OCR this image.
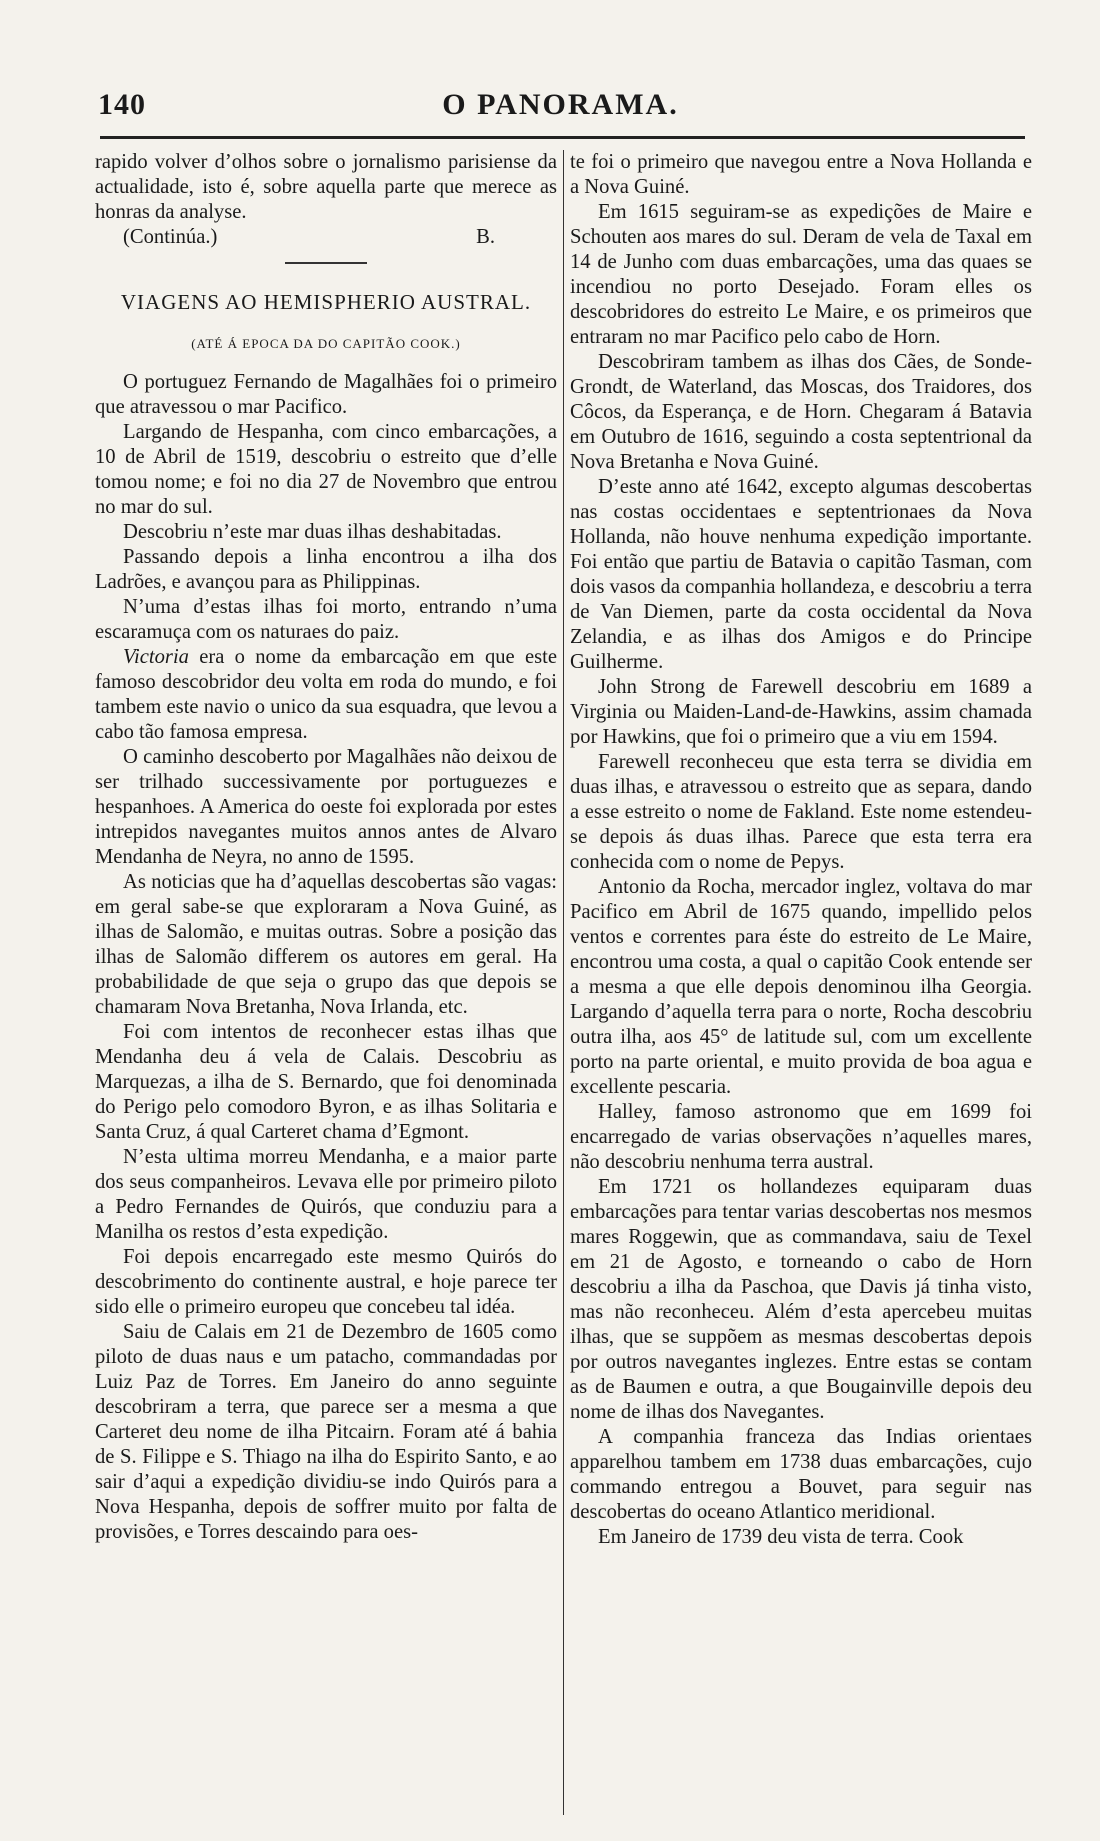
140	O PANORAMA.

rapido volver d’olhos sobre o jornalismo parisiense da actualidade, isto é, sobre aquella parte que merece as honras da analyse.

(Continúa.)	B.
VIAGENS AO HEMISPHERIO AUSTRAL.
(ATÉ Á EPOCA DA DO CAPITÃO COOK.)

O portuguez Fernando de Magalhães foi o primeiro que atravessou o mar Pacifico.

Largando de Hespanha, com cinco embarcações, a 10 de Abril de 1519, descobriu o estreito que d’elle tomou nome; e foi no dia 27 de Novembro que entrou no mar do sul.

Descobriu n’este mar duas ilhas deshabitadas.

Passando depois a linha encontrou a ilha dos Ladrões, e avançou para as Philippinas.

N’uma d’estas ilhas foi morto, entrando n’uma escaramuça com os naturaes do paiz.

Victoria era o nome da embarcação em que este famoso descobridor deu volta em roda do mundo, e foi tambem este navio o unico da sua esquadra, que levou a cabo tão famosa empresa.

O caminho descoberto por Magalhães não deixou de ser trilhado successivamente por portuguezes e hespanhoes. A America do oeste foi explorada por estes intrepidos navegantes muitos annos antes de Alvaro Mendanha de Neyra, no anno de 1595.

As noticias que ha d’aquellas descobertas são vagas: em geral sabe-se que exploraram a Nova Guiné, as ilhas de Salomão, e muitas outras. Sobre a posição das ilhas de Salomão differem os autores em geral. Ha probabilidade de que seja o grupo das que depois se chamaram Nova Bretanha, Nova Irlanda, etc.

Foi com intentos de reconhecer estas ilhas que Mendanha deu á vela de Calais. Descobriu as Marquezas, a ilha de S. Bernardo, que foi denominada do Perigo pelo comodoro Byron, e as ilhas Solitaria e Santa Cruz, á qual Carteret chama d’Egmont.

N’esta ultima morreu Mendanha, e a maior parte dos seus companheiros. Levava elle por primeiro piloto a Pedro Fernandes de Quirós, que conduziu para a Manilha os restos d’esta expedição.

Foi depois encarregado este mesmo Quirós do descobrimento do continente austral, e hoje parece ter sido elle o primeiro europeu que concebeu tal idéa.

Saiu de Calais em 21 de Dezembro de 1605 como piloto de duas naus e um patacho, commandadas por Luiz Paz de Torres. Em Janeiro do anno seguinte descobriram a terra, que parece ser a mesma a que Carteret deu nome de ilha Pitcairn. Foram até á bahia de S. Filippe e S. Thiago na ilha do Espirito Santo, e ao sair d’aqui a expedição dividiu-se indo Quirós para a Nova Hespanha, depois de soffrer muito por falta de provisões, e Torres descaindo para oes-

te foi o primeiro que navegou entre a Nova Hollanda e a Nova Guiné.

Em 1615 seguiram-se as expedições de Maire e Schouten aos mares do sul. Deram de vela de Taxal em 14 de Junho com duas embarcações, uma das quaes se incendiou no porto Desejado. Foram elles os descobridores do estreito Le Maire, e os primeiros que entraram no mar Pacifico pelo cabo de Horn.

Descobriram tambem as ilhas dos Cães, de Sonde-Grondt, de Waterland, das Moscas, dos Traidores, dos Côcos, da Esperança, e de Horn. Chegaram á Batavia em Outubro de 1616, seguindo a costa septentrional da Nova Bretanha e Nova Guiné.

D’este anno até 1642, excepto algumas descobertas nas costas occidentaes e septentrionaes da Nova Hollanda, não houve nenhuma expedição importante. Foi então que partiu de Batavia o capitão Tasman, com dois vasos da companhia hollandeza, e descobriu a terra de Van Diemen, parte da costa occidental da Nova Zelandia, e as ilhas dos Amigos e do Principe Guilherme.

John Strong de Farewell descobriu em 1689 a Virginia ou Maiden-Land-de-Hawkins, assim chamada por Hawkins, que foi o primeiro que a viu em 1594.

Farewell reconheceu que esta terra se dividia em duas ilhas, e atravessou o estreito que as separa, dando a esse estreito o nome de Fakland. Este nome estendeu-se depois ás duas ilhas. Parece que esta terra era conhecida com o nome de Pepys.

Antonio da Rocha, mercador inglez, voltava do mar Pacifico em Abril de 1675 quando, impellido pelos ventos e correntes para éste do estreito de Le Maire, encontrou uma costa, a qual o capitão Cook entende ser a mesma a que elle depois denominou ilha Georgia. Largando d’aquella terra para o norte, Rocha descobriu outra ilha, aos 45° de latitude sul, com um excellente porto na parte oriental, e muito provida de boa agua e excellente pescaria.

Halley, famoso astronomo que em 1699 foi encarregado de varias observações n’aquelles mares, não descobriu nenhuma terra austral.

Em 1721 os hollandezes equiparam duas embarcações para tentar varias descobertas nos mesmos mares Roggewin, que as commandava, saiu de Texel em 21 de Agosto, e torneando o cabo de Horn descobriu a ilha da Paschoa, que Davis já tinha visto, mas não reconheceu. Além d’esta apercebeu muitas ilhas, que se suppõem as mesmas descobertas depois por outros navegantes inglezes. Entre estas se contam as de Baumen e outra, a que Bougainville depois deu nome de ilhas dos Navegantes.

A companhia franceza das Indias orientaes apparelhou tambem em 1738 duas embarcações, cujo commando entregou a Bouvet, para seguir nas descobertas do oceano Atlantico meridional.

Em Janeiro de 1739 deu vista de terra. Cook
